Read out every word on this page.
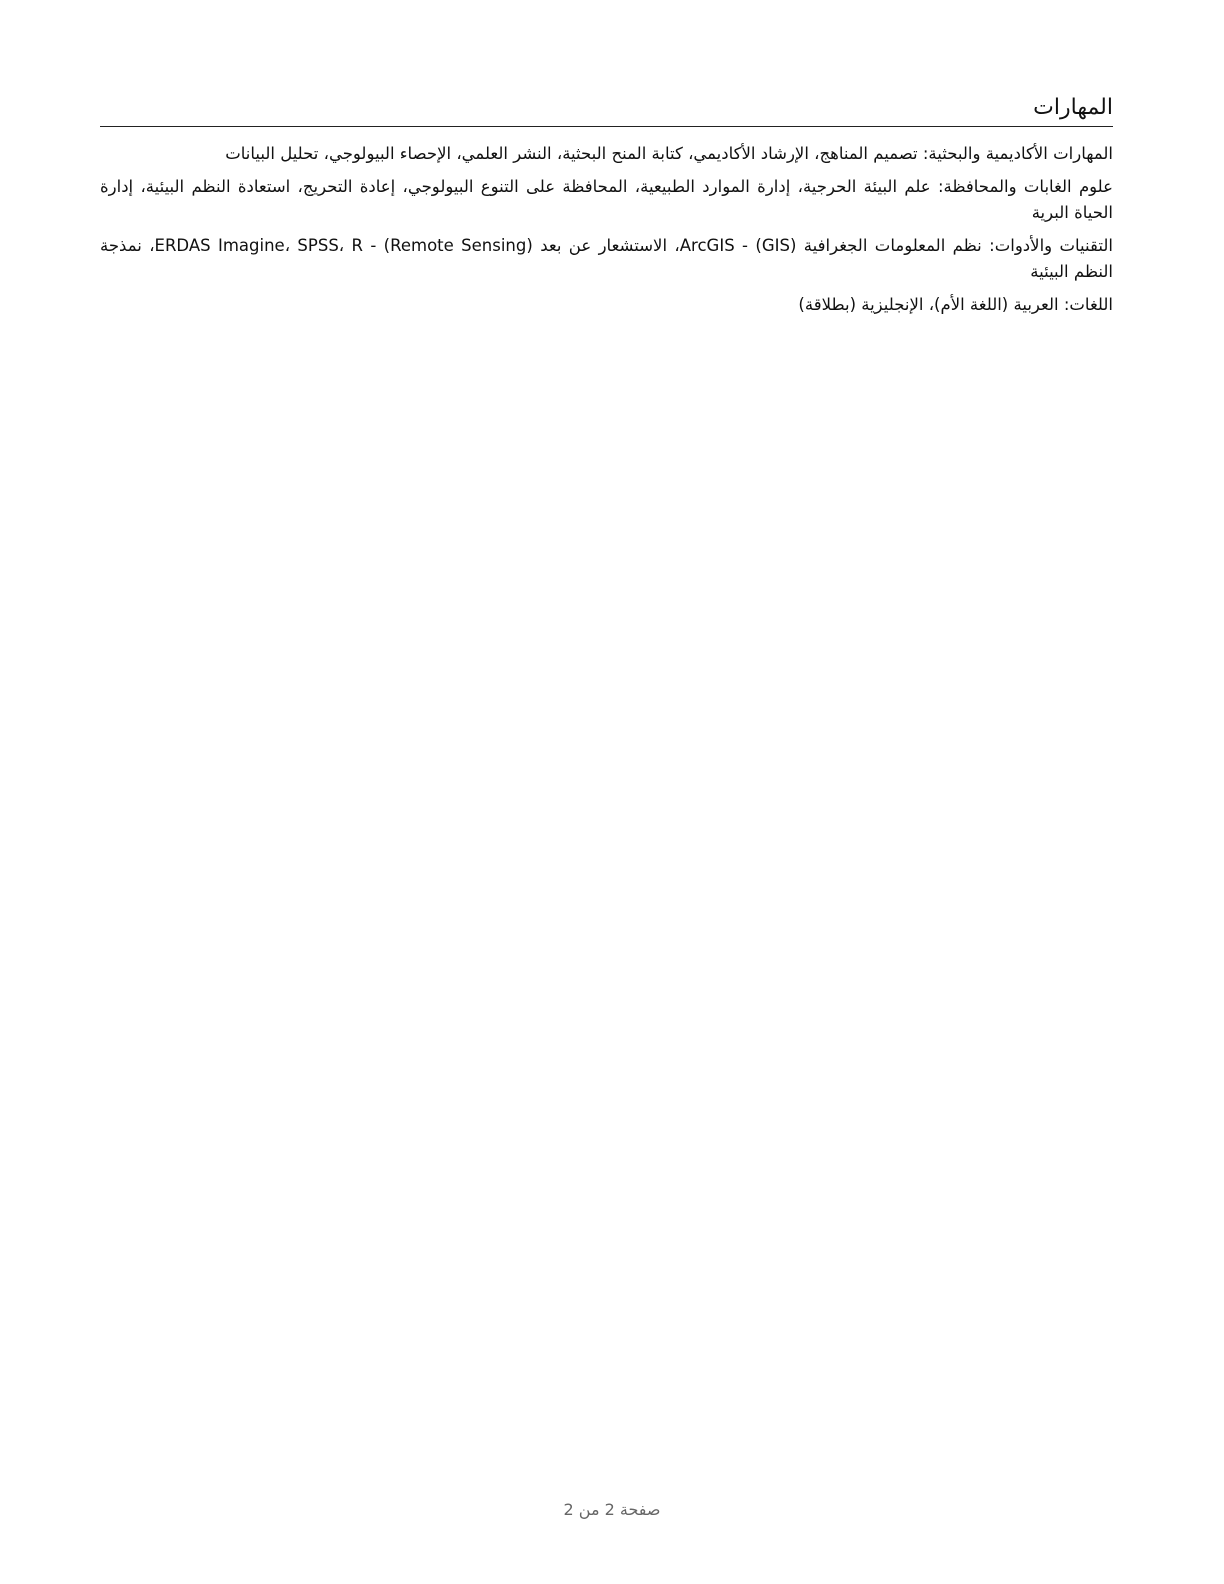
المهارات

المهارات الأكاديمية والبحثية: تصميم المناهج، الإرشاد الأكاديمي، كتابة المنح البحثية، النشر العلمي، الإحصاء البيولوجي، تحليل البيانات

علوم الغابات والمحافظة: علم البيئة الحرجية، إدارة الموارد الطبيعية، المحافظة على التنوع البيولوجي، إعادة التحريج، استعادة النظم البيئية، إدارة الحياة البرية

التقنيات والأدوات: نظم المعلومات الجغرافية (GIS) - ArcGIS، الاستشعار عن بعد (Remote Sensing) - ERDAS Imagine، SPSS، R، نمذجة النظم البيئية

اللغات: العربية (اللغة الأم)، الإنجليزية (بطلاقة)

صفحة 2 من 2
